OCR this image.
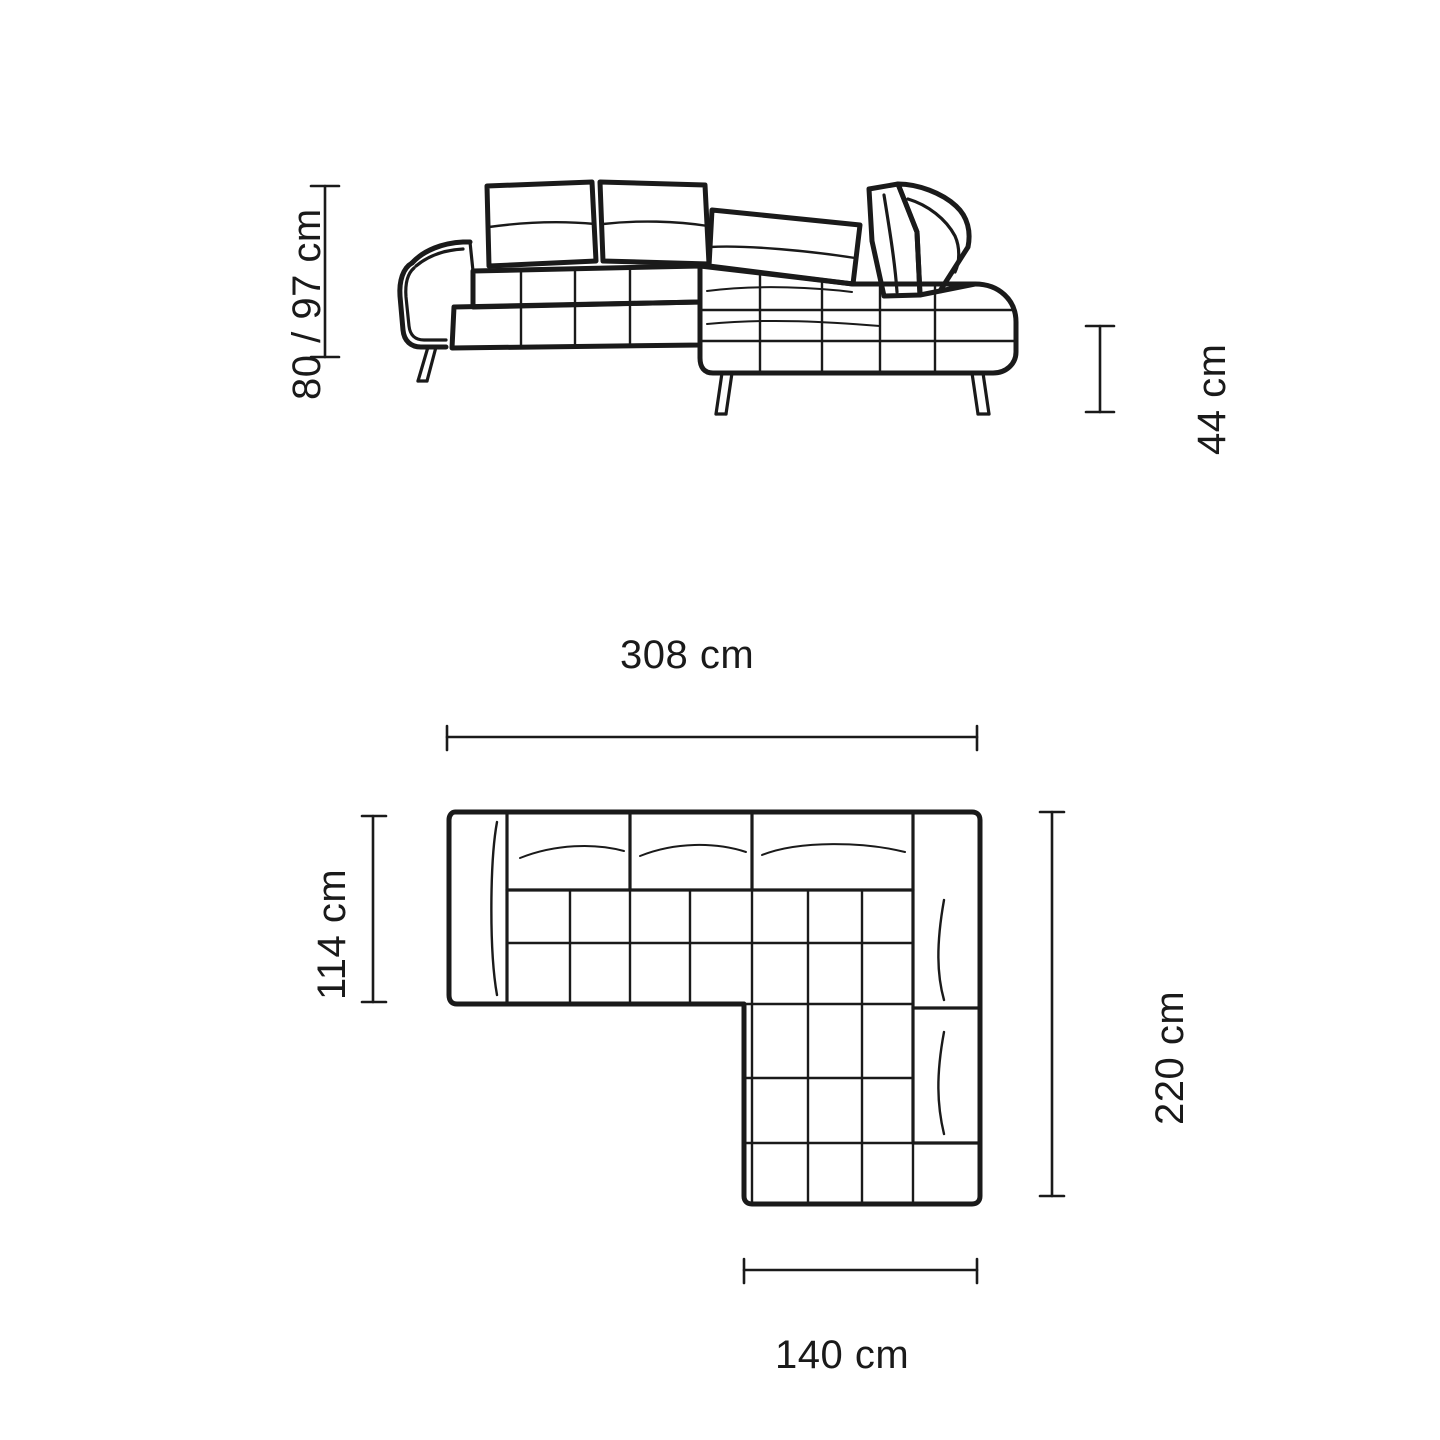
80 / 97 cm	44 cm
308 cm
114 cm
220 cm
140 cm
